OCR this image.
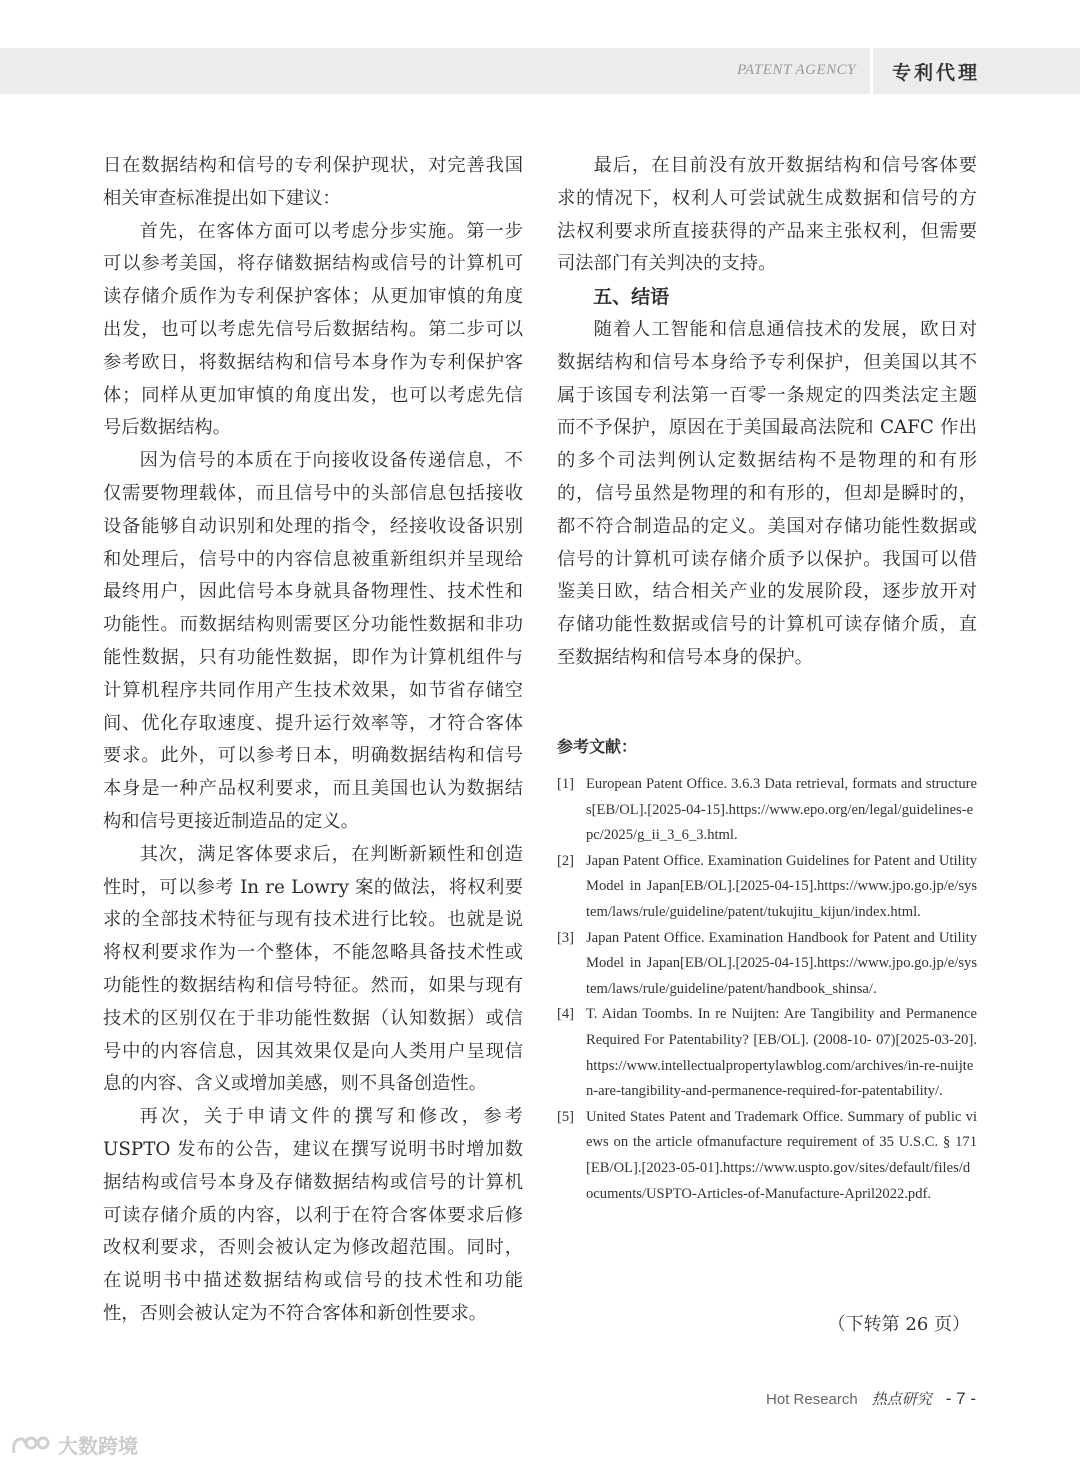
PATENT AGENCY 专利代理

日在数据结构和信号的专利保护现状，对完善我国相关审查标准提出如下建议：

首先，在客体方面可以考虑分步实施。第一步可以参考美国，将存储数据结构或信号的计算机可读存储介质作为专利保护客体；从更加审慎的角度出发，也可以考虑先信号后数据结构。第二步可以参考欧日，将数据结构和信号本身作为专利保护客体；同样从更加审慎的角度出发，也可以考虑先信号后数据结构。

因为信号的本质在于向接收设备传递信息，不仅需要物理载体，而且信号中的头部信息包括接收设备能够自动识别和处理的指令，经接收设备识别和处理后，信号中的内容信息被重新组织并呈现给最终用户，因此信号本身就具备物理性、技术性和功能性。而数据结构则需要区分功能性数据和非功能性数据，只有功能性数据，即作为计算机组件与计算机程序共同作用产生技术效果，如节省存储空间、优化存取速度、提升运行效率等，才符合客体要求。此外，可以参考日本，明确数据结构和信号本身是一种产品权利要求，而且美国也认为数据结构和信号更接近制造品的定义。

其次，满足客体要求后，在判断新颖性和创造性时，可以参考 In re Lowry 案的做法，将权利要求的全部技术特征与现有技术进行比较。也就是说将权利要求作为一个整体，不能忽略具备技术性或功能性的数据结构和信号特征。然而，如果与现有技术的区别仅在于非功能性数据（认知数据）或信号中的内容信息，因其效果仅是向人类用户呈现信息的内容、含义或增加美感，则不具备创造性。

再次，关于申请文件的撰写和修改，参考 USPTO 发布的公告，建议在撰写说明书时增加数据结构或信号本身及存储数据结构或信号的计算机可读存储介质的内容，以利于在符合客体要求后修改权利要求，否则会被认定为修改超范围。同时，在说明书中描述数据结构或信号的技术性和功能性，否则会被认定为不符合客体和新创性要求。

最后，在目前没有放开数据结构和信号客体要求的情况下，权利人可尝试就生成数据和信号的方法权利要求所直接获得的产品来主张权利，但需要司法部门有关判决的支持。

五、结语

随着人工智能和信息通信技术的发展，欧日对数据结构和信号本身给予专利保护，但美国以其不属于该国专利法第一百零一条规定的四类法定主题而不予保护，原因在于美国最高法院和 CAFC 作出的多个司法判例认定数据结构不是物理的和有形的，信号虽然是物理的和有形的，但却是瞬时的，都不符合制造品的定义。美国对存储功能性数据或信号的计算机可读存储介质予以保护。我国可以借鉴美日欧，结合相关产业的发展阶段，逐步放开对存储功能性数据或信号的计算机可读存储介质，直至数据结构和信号本身的保护。

参考文献：
[1] European Patent Office. 3.6.3 Data retrieval, formats and structures[EB/OL].[2025-04-15].https://www.epo.org/en/legal/guidelines-epc/2025/g_ii_3_6_3.html.
[2] Japan Patent Office. Examination Guidelines for Patent and Utility Model in Japan[EB/OL].[2025-04-15].https://www.jpo.go.jp/e/system/laws/rule/guideline/patent/tukujitu_kijun/index.html.
[3] Japan Patent Office. Examination Handbook for Patent and Utility Model in Japan[EB/OL].[2025-04-15].https://www.jpo.go.jp/e/system/laws/rule/guideline/patent/handbook_shinsa/.
[4] T. Aidan Toombs. In re Nuijten: Are Tangibility and Permanence Required For Patentability? [EB/OL]. (2008-10- 07)[2025-03-20]. https://www.intellectualpropertylawblog.com/archives/in-re-nuijten-are-tangibility-and-permanence-required-for-patentability/.
[5] United States Patent and Trademark Office. Summary of public views on the article ofmanufacture requirement of 35 U.S.C. § 171[EB/OL].[2023-05-01].https://www.uspto.gov/sites/default/files/documents/USPTO-Articles-of-Manufacture-April2022.pdf.
（下转第 26 页）
Hot Research 热点研究 - 7 -
大数跨境
